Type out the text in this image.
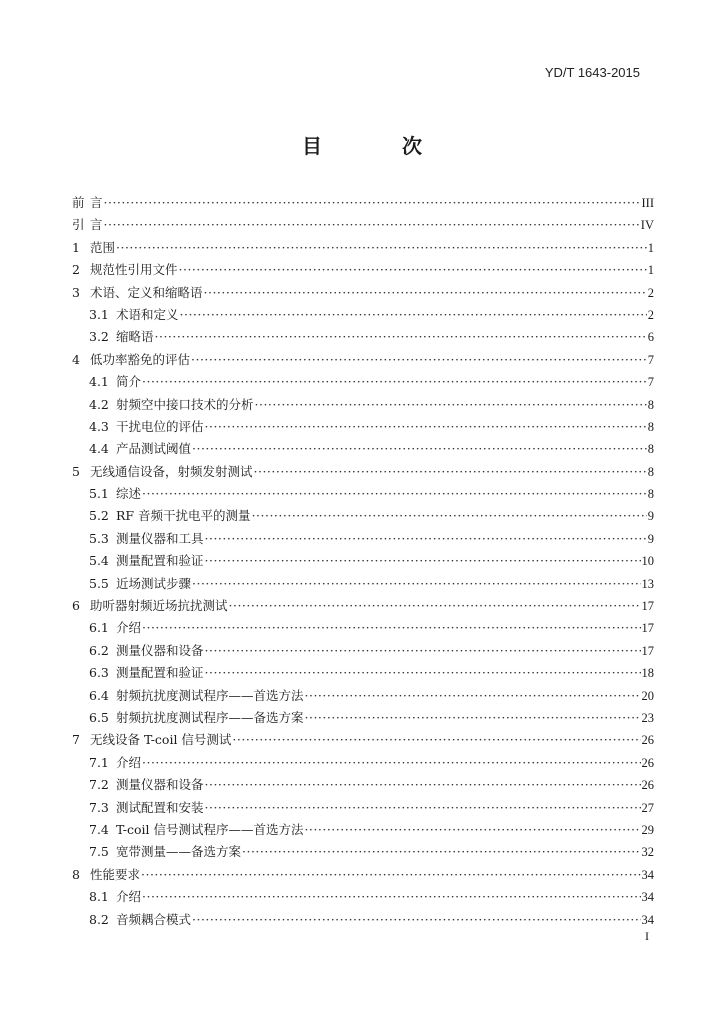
YD/T 1643-2015
目　次
前 言 ·····	III
引 言 ·····	IV
1 范围 ·····	1
2 规范性引用文件 ·····	1
3 术语、定义和缩略语 ·····	2
3.1 术语和定义 ·····	2
3.2 缩略语 ·····	6
4 低功率豁免的评估 ·····	7
4.1 简介 ·····	7
4.2 射频空中接口技术的分析 ·····	8
4.3 干扰电位的评估 ·····	8
4.4 产品测试阈值 ·····	8
5 无线通信设备，射频发射测试 ·····	8
5.1 综述 ·····	8
5.2 RF 音频干扰电平的测量 ·····	9
5.3 测量仪器和工具 ·····	9
5.4 测量配置和验证 ·····	10
5.5 近场测试步骤 ·····	13
6 助听器射频近场抗扰测试 ·····	17
6.1 介绍 ·····	17
6.2 测量仪器和设备 ·····	17
6.3 测量配置和验证 ·····	18
6.4 射频抗扰度测试程序——首选方法 ·····	20
6.5 射频抗扰度测试程序——备选方案 ·····	23
7 无线设备 T-coil 信号测试 ·····	26
7.1 介绍 ·····	26
7.2 测量仪器和设备 ·····	26
7.3 测试配置和安装 ·····	27
7.4 T-coil 信号测试程序——首选方法 ·····	29
7.5 宽带测量——备选方案 ·····	32
8 性能要求 ·····	34
8.1 介绍 ·····	34
8.2 音频耦合模式 ·····	34
I
